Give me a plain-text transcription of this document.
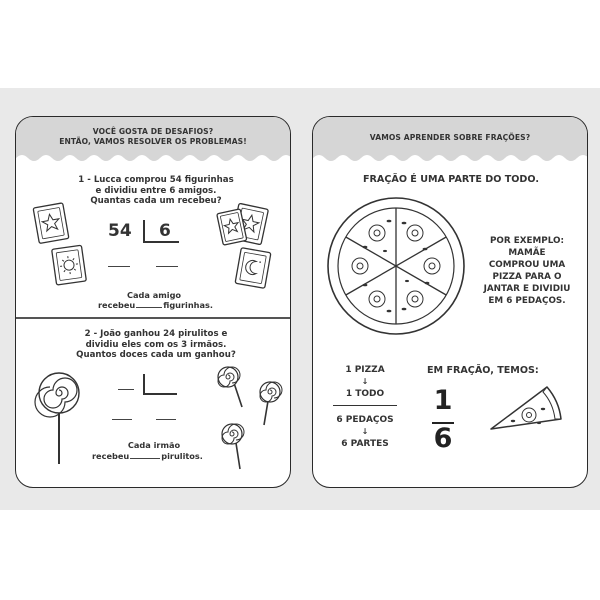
VOCÊ GOSTA DE DESAFIOS?
ENTÃO, VAMOS RESOLVER OS PROBLEMAS!
1 - Lucca comprou 54 figurinhas
e dividiu entre 6 amigos.
Quantas cada um recebeu?
54 6
Cada amigo
recebeu	figurinhas.
2 - João ganhou 24 pirulitos e
dividiu eles com os 3 irmãos.
Quantos doces cada um ganhou?
Cada irmão
recebeu	pirulitos.
VAMOS APRENDER SOBRE FRAÇÕES?
FRAÇÃO É UMA PARTE DO TODO.
POR EXEMPLO:
MAMÃE
COMPROU UMA
PIZZA PARA O
JANTAR E DIVIDIU
EM 6 PEDAÇOS.
1 PIZZA
↓
1 TODO
6 PEDAÇOS
↓
6 PARTES
EM FRAÇÃO, TEMOS:
1
6
